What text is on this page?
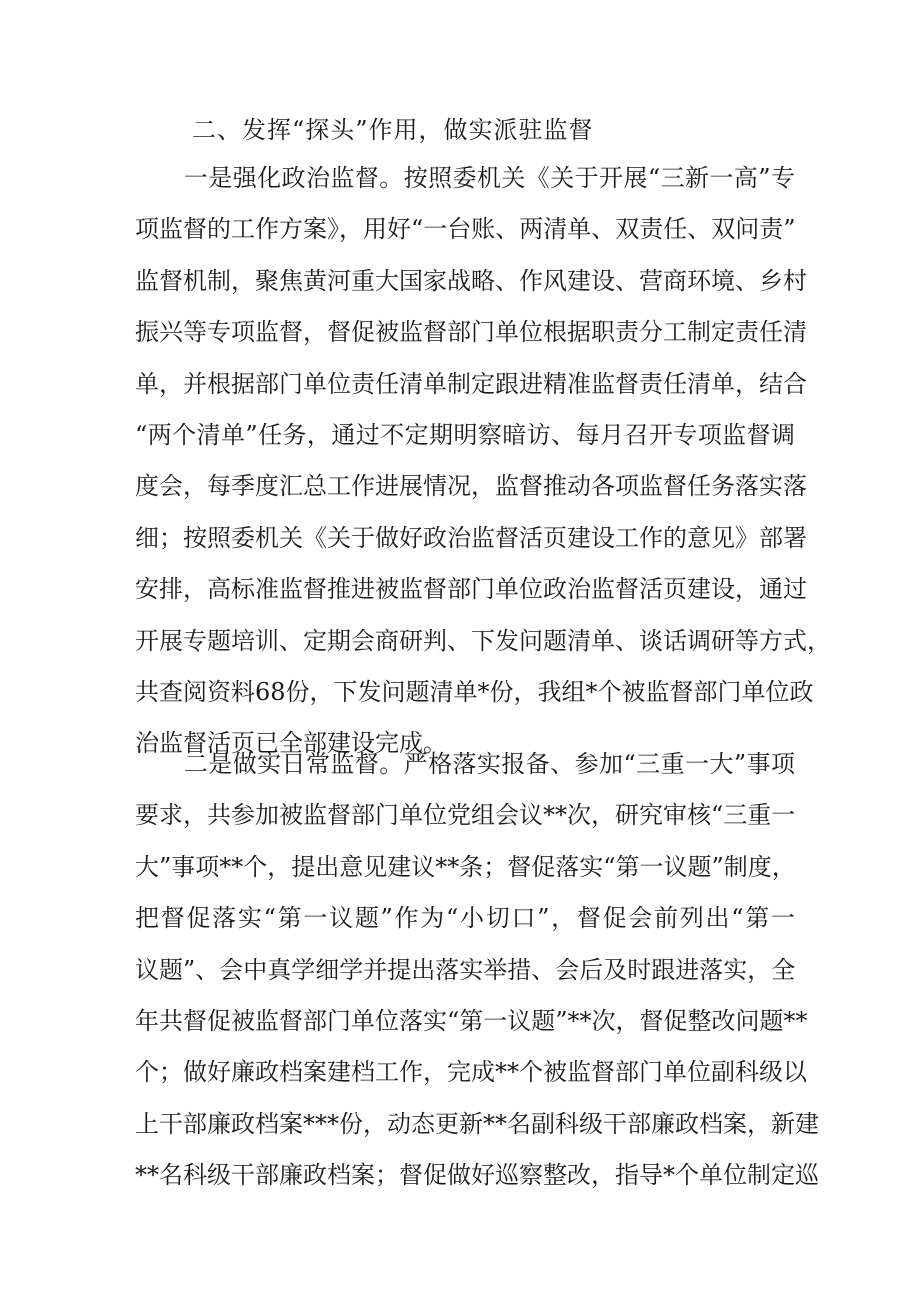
二、发挥“探头”作用，做实派驻监督
　　一是强化政治监督。按照委机关《关于开展“三新一高”专
项监督的工作方案》，用好“一台账、两清单、双责任、双问责”
监督机制，聚焦黄河重大国家战略、作风建设、营商环境、乡村
振兴等专项监督，督促被监督部门单位根据职责分工制定责任清
单，并根据部门单位责任清单制定跟进精准监督责任清单，结合
“两个清单”任务，通过不定期明察暗访、每月召开专项监督调
度会，每季度汇总工作进展情况，监督推动各项监督任务落实落
细；按照委机关《关于做好政治监督活页建设工作的意见》部署
安排，高标准监督推进被监督部门单位政治监督活页建设，通过
开展专题培训、定期会商研判、下发问题清单、谈话调研等方式，
共查阅资料68份，下发问题清单*份，我组*个被监督部门单位政
治监督活页已全部建设完成。
　　二是做实日常监督。严格落实报备、参加“三重一大”事项
要求，共参加被监督部门单位党组会议**次，研究审核“三重一
大”事项**个，提出意见建议**条；督促落实“第一议题”制度，
把督促落实“第一议题”作为“小切口”，督促会前列出“第一
议题”、会中真学细学并提出落实举措、会后及时跟进落实，全
年共督促被监督部门单位落实“第一议题”**次，督促整改问题**
个；做好廉政档案建档工作，完成**个被监督部门单位副科级以
上干部廉政档案***份，动态更新**名副科级干部廉政档案，新建
**名科级干部廉政档案；督促做好巡察整改，指导*个单位制定巡
